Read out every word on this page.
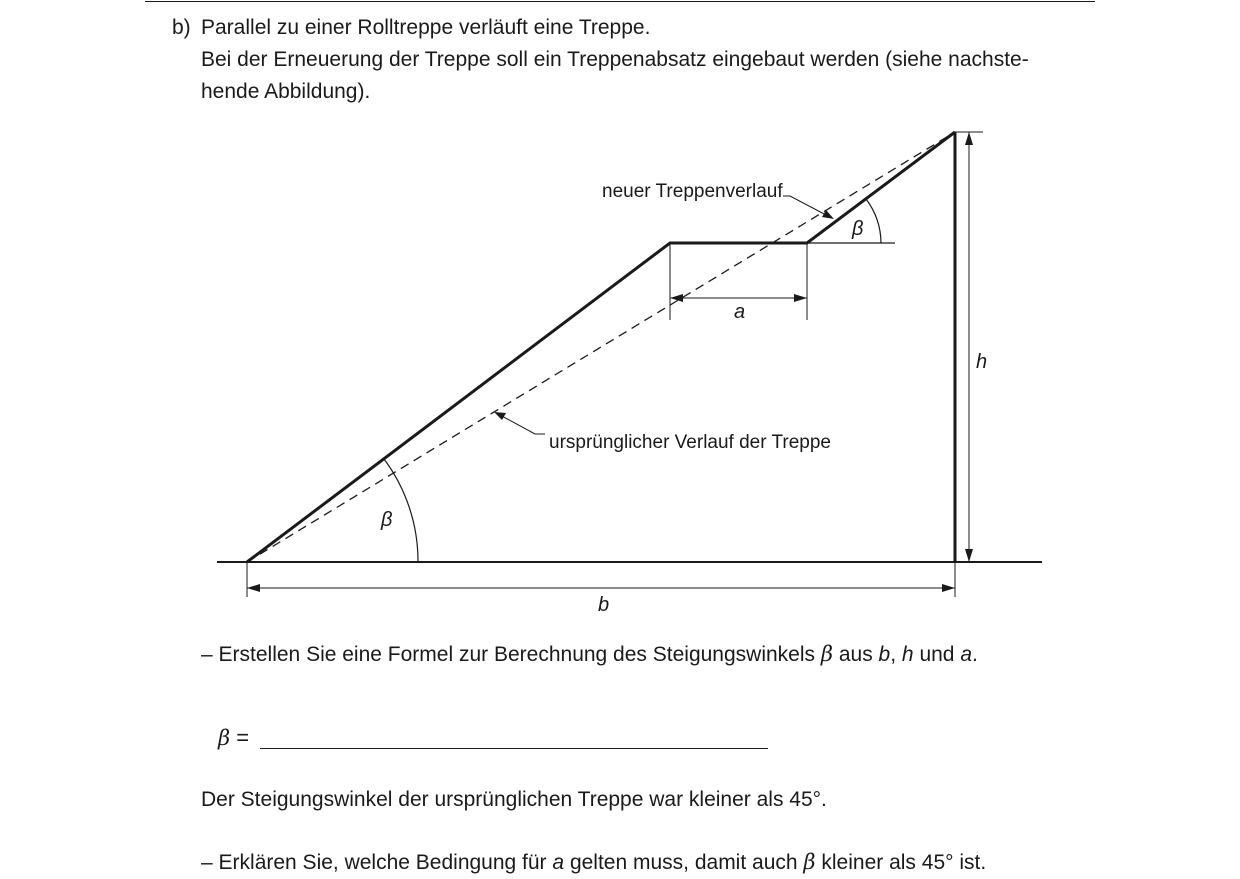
b) Parallel zu einer Rolltreppe verläuft eine Treppe.
Bei der Erneuerung der Treppe soll ein Treppenabsatz eingebaut werden (siehe nachste-
hende Abbildung).
neuer Treppenverlauf
ursprünglicher Verlauf der Treppe
a
b
h
β
β
– Erstellen Sie eine Formel zur Berechnung des Steigungswinkels β aus b, h und a.
β =
Der Steigungswinkel der ursprünglichen Treppe war kleiner als 45°.
– Erklären Sie, welche Bedingung für a gelten muss, damit auch β kleiner als 45° ist.
